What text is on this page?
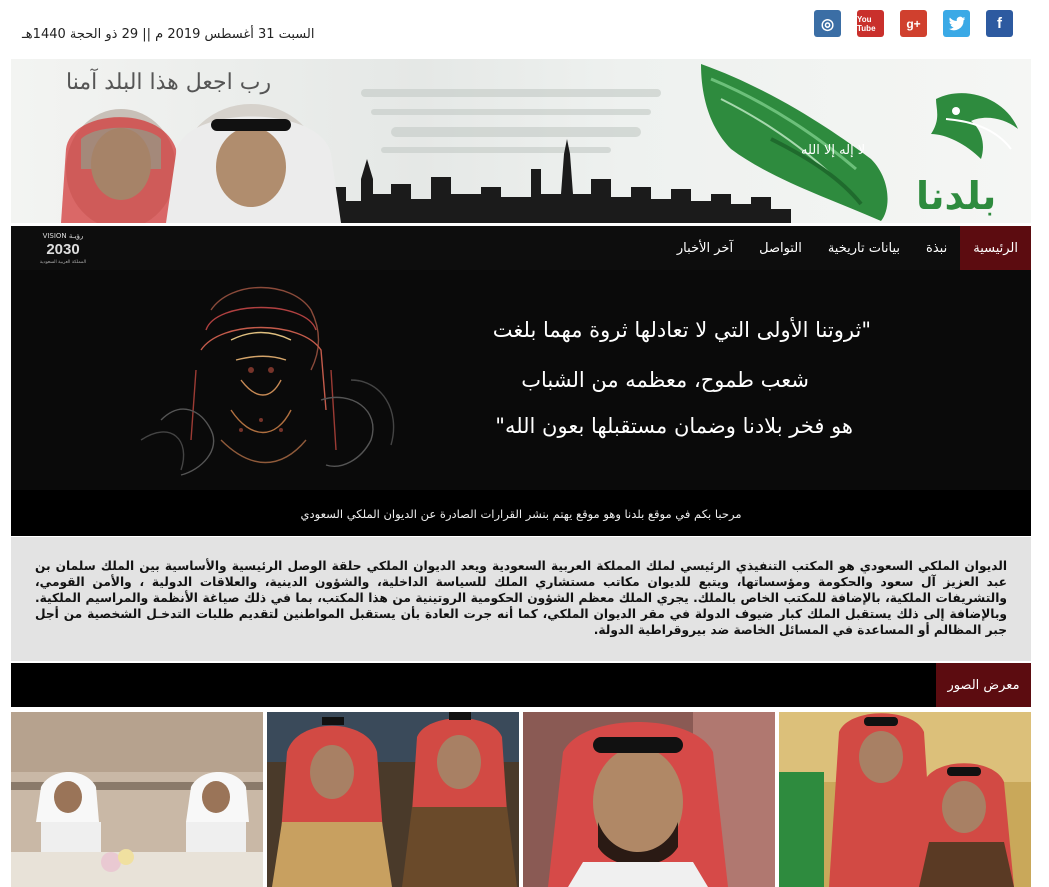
السبت 31 أغسطس 2019 م || 29 ذو الحجة 1440هـ
◎	You Tube	g+	f
لا إله إلا الله
بلدنا
رب اجعل هذا البلد آمنا
VISION رؤيـة
2030
المملكة العربية السعودية
الرئيسية
نبذة
بيانات تاريخية
التواصل
آخر الأخبار
"ثروتنا الأولى التي لا تعادلها ثروة مهما بلغت
شعب طموح، معظمه من الشباب
هو فخر بلادنا وضمان مستقبلها بعون الله"
مرحبا بكم في موقع بلدنا وهو موقع يهتم بنشر القرارات الصادرة عن الديوان الملكي السعودي
الديوان الملكي السعودي هو المكتب التنفيذي الرئيسي لملك المملكة العربية السعودية ويعد الديوان الملكي حلقة الوصل الرئيسية والأساسية بين الملك سلمان بن عبد العزيز آل سعود والحكومة ومؤسساتها، ويتبع للديوان مكاتب مستشاري الملك للسياسة الداخلية، والشؤون الدينية، والعلاقات الدولية ، والأمن القومي، والتشريفات الملكية، بالإضافة للمكتب الخاص بالملك. يجري الملك معظم الشؤون الحكومية الروتينية من هذا المكتب، بما في ذلك صياغة الأنظمة والمراسيم الملكية. وبالإضافة إلى ذلك يستقبل الملك كبار ضيوف الدولة في مقر الديوان الملكي، كما أنه جرت العادة بأن يستقبل المواطنين لتقديم طلبات التدخـل الشخصية من أجل جبر المظالم أو المساعدة في المسائل الخاصة ضد بيروقراطية الدولة.
معرض الصور
